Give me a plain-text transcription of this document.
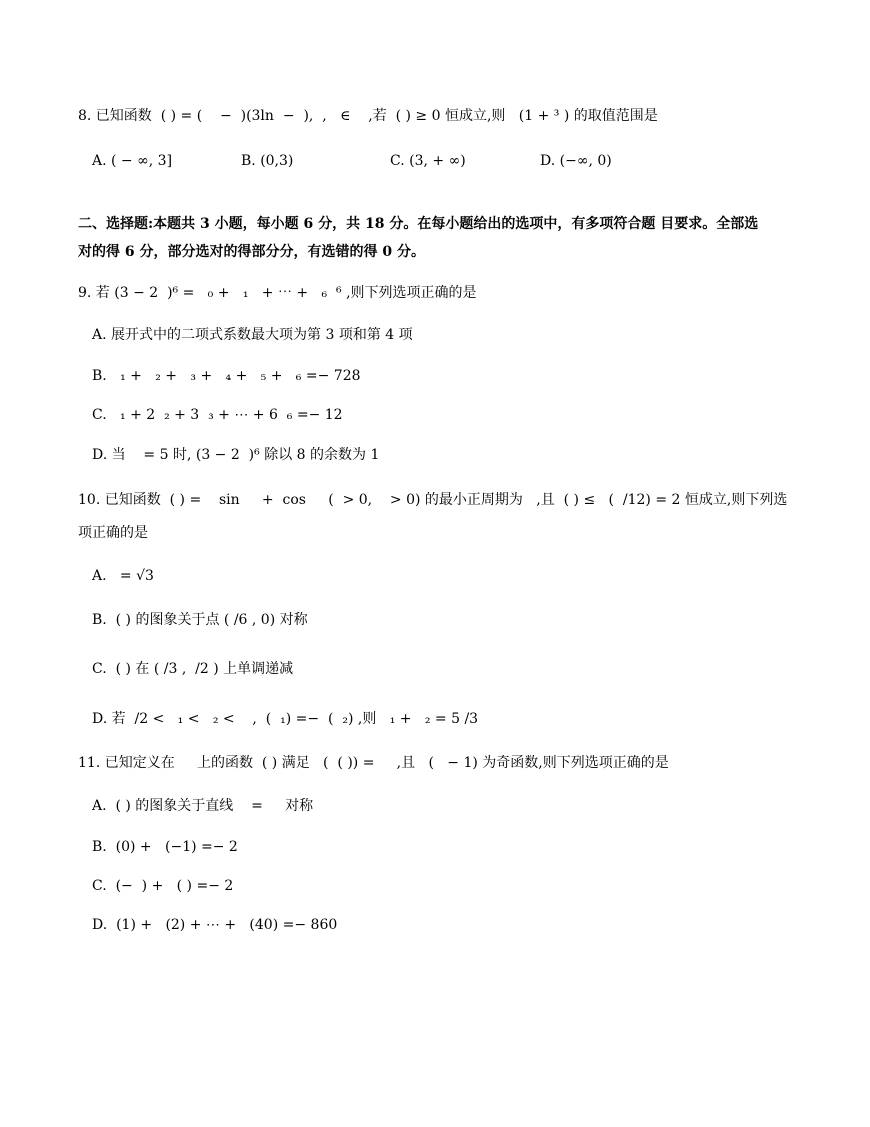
8. 已知函数  ( ) = (    −  )(3ln  −  ),  ,   ∈    ,若  ( ) ≥ 0 恒成立,则   (1 + ³ ) 的取值范围是
A. ( − ∞, 3]	B. (0,3)	C. (3, + ∞)	D. (−∞, 0)
二、选择题:本题共 3 小题，每小题 6 分，共 18 分。在每小题给出的选项中，有多项符合题 目要求。全部选
对的得 6 分，部分选对的得部分分，有选错的得 0 分。
9. 若 (3 − 2  )⁶ =   ₀ +   ₁   + ⋯ +   ₆  ⁶ ,则下列选项正确的是
A. 展开式中的二项式系数最大项为第 3 项和第 4 项
B.   ₁ +   ₂ +   ₃ +   ₄ +   ₅ +   ₆ =− 728
C.   ₁ + 2  ₂ + 3  ₃ + ⋯ + 6  ₆ =− 12
D. 当    = 5 时, (3 − 2  )⁶ 除以 8 的余数为 1
10. 已知函数  ( ) =    sin     +  cos     (  > 0,    > 0) 的最小正周期为   ,且  ( ) ≤   (  /12) = 2 恒成立,则下列选
项正确的是
A.   = √3
B.  ( ) 的图象关于点 ( /6 , 0) 对称
C.  ( ) 在 ( /3 ,  /2 ) 上单调递减
D. 若  /2 <   ₁ <   ₂ <    ,  (  ₁) =−  (  ₂) ,则   ₁ +   ₂ = 5 /3
11. 已知定义在     上的函数  ( ) 满足   (  ( )) =     ,且   (   − 1) 为奇函数,则下列选项正确的是
A.  ( ) 的图象关于直线    =     对称
B.  (0) +   (−1) =− 2
C.  (−  ) +   ( ) =− 2
D.  (1) +   (2) + ⋯ +   (40) =− 860
